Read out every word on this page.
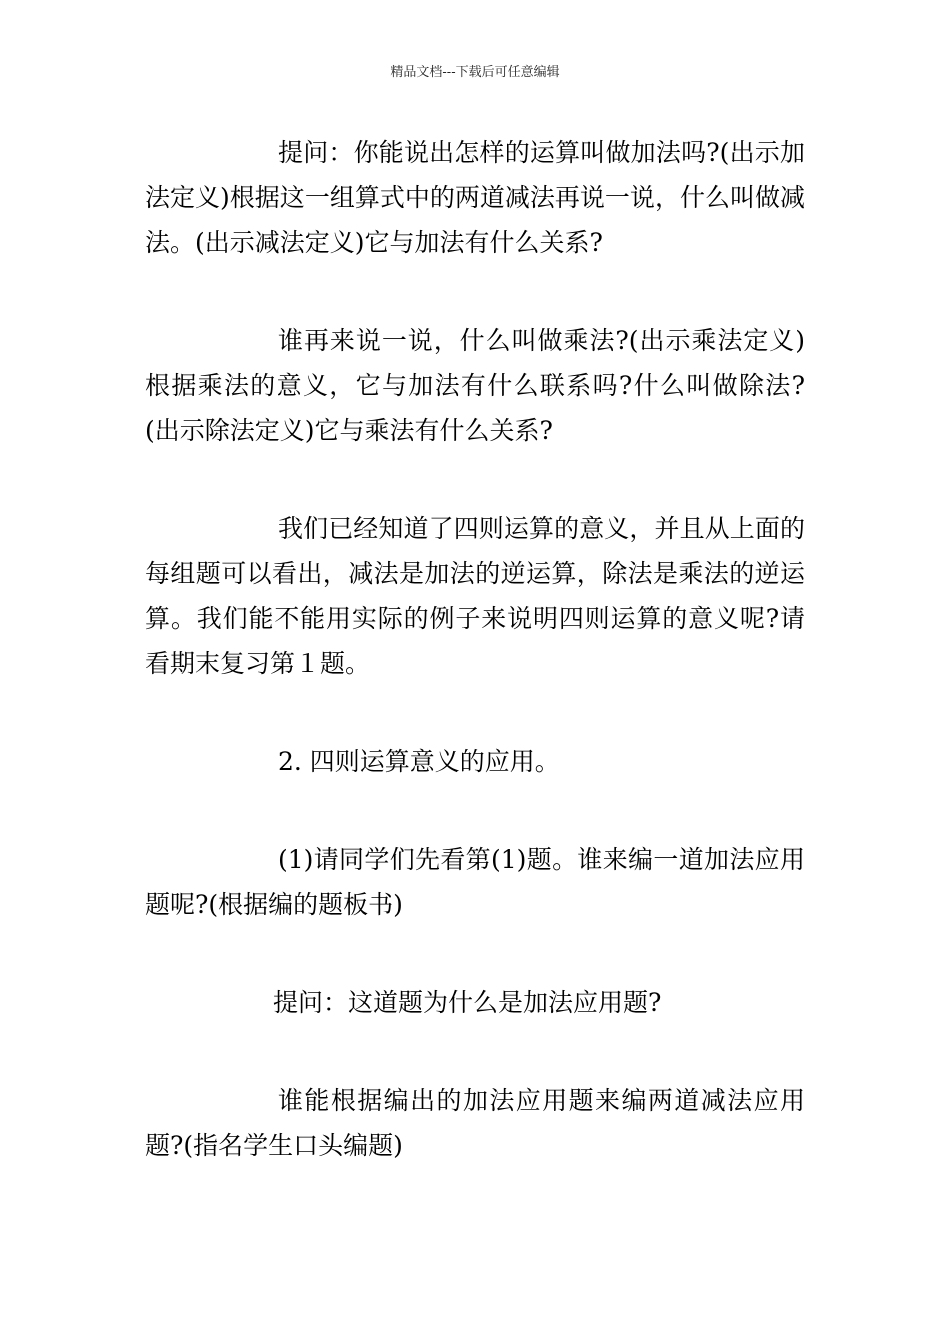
精品文档---下载后可任意编辑

提问：你能说出怎样的运算叫做加法吗?(出示加法定义)根据这一组算式中的两道减法再说一说，什么叫做减法。(出示减法定义)它与加法有什么关系?

谁再来说一说，什么叫做乘法?(出示乘法定义)根据乘法的意义，它与加法有什么联系吗?什么叫做除法?(出示除法定义)它与乘法有什么关系?

我们已经知道了四则运算的意义，并且从上面的每组题可以看出，减法是加法的逆运算，除法是乘法的逆运算。我们能不能用实际的例子来说明四则运算的意义呢?请看期末复习第１题。

2. 四则运算意义的应用。

(1)请同学们先看第(1)题。谁来编一道加法应用题呢?(根据编的题板书)

提问：这道题为什么是加法应用题?

谁能根据编出的加法应用题来编两道减法应用题?(指名学生口头编题)
